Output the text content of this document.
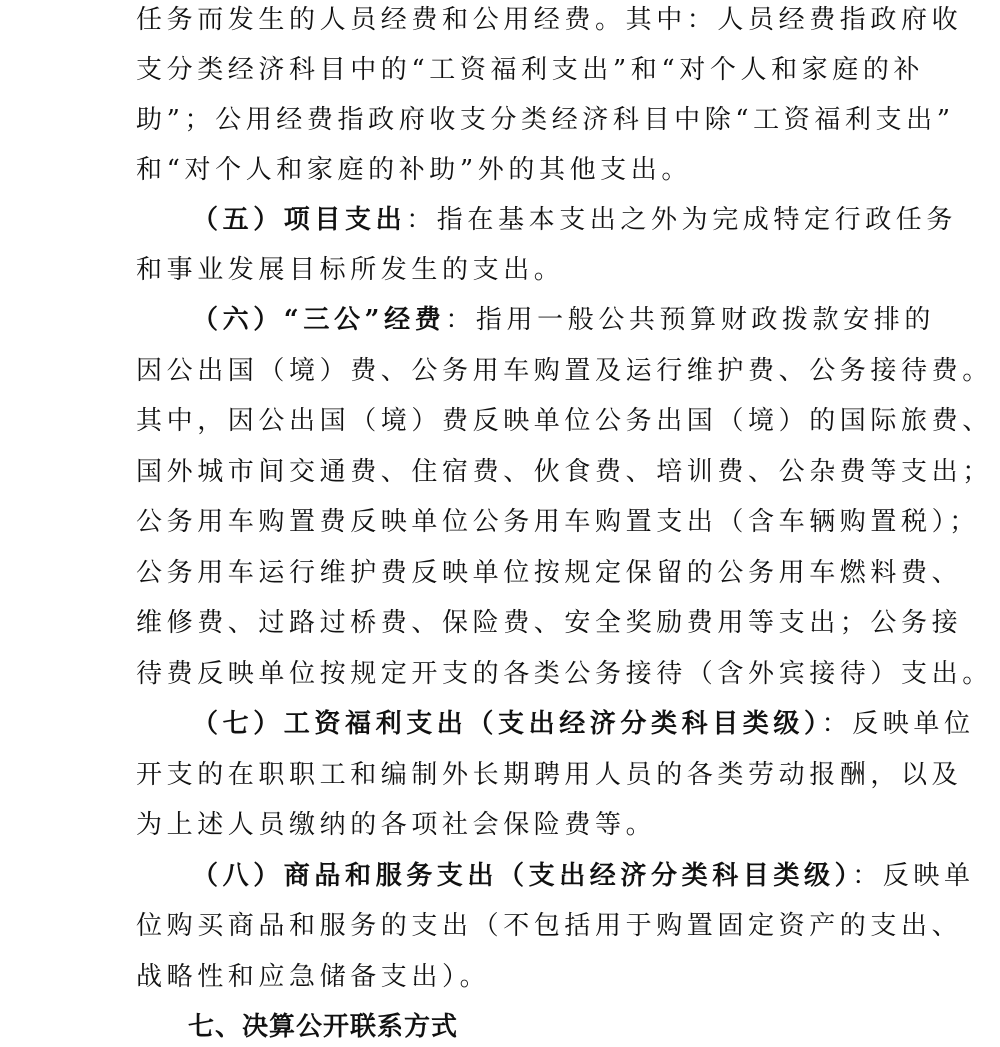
任务而发生的人员经费和公用经费。其中：人员经费指政府收
支分类经济科目中的“工资福利支出”和“对个人和家庭的补
助”；公用经费指政府收支分类经济科目中除“工资福利支出”
和“对个人和家庭的补助”外的其他支出。
（五）项目支出：指在基本支出之外为完成特定行政任务
和事业发展目标所发生的支出。
（六）“三公”经费：指用一般公共预算财政拨款安排的
因公出国（境）费、公务用车购置及运行维护费、公务接待费。
其中，因公出国（境）费反映单位公务出国（境）的国际旅费、
国外城市间交通费、住宿费、伙食费、培训费、公杂费等支出；
公务用车购置费反映单位公务用车购置支出（含车辆购置税）；
公务用车运行维护费反映单位按规定保留的公务用车燃料费、
维修费、过路过桥费、保险费、安全奖励费用等支出；公务接
待费反映单位按规定开支的各类公务接待（含外宾接待）支出。
（七）工资福利支出（支出经济分类科目类级）：反映单位
开支的在职职工和编制外长期聘用人员的各类劳动报酬，以及
为上述人员缴纳的各项社会保险费等。
（八）商品和服务支出（支出经济分类科目类级）：反映单
位购买商品和服务的支出（不包括用于购置固定资产的支出、
战略性和应急储备支出）。
七、决算公开联系方式
